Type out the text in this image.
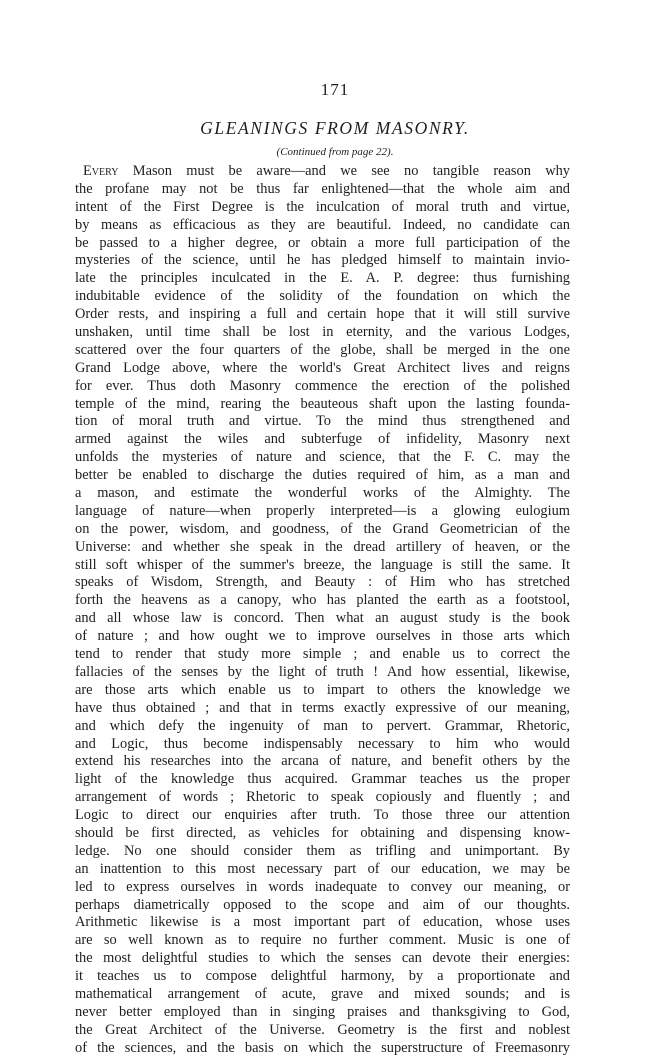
171
GLEANINGS FROM MASONRY.
(Continued from page 22).
Every Mason must be aware—and we see no tangible reason why
the profane may not be thus far enlightened—that the whole aim and
intent of the First Degree is the inculcation of moral truth and virtue,
by means as efficacious as they are beautiful. Indeed, no candidate can
be passed to a higher degree, or obtain a more full participation of the
mysteries of the science, until he has pledged himself to maintain invio-
late the principles inculcated in the E. A. P. degree: thus furnishing
indubitable evidence of the solidity of the foundation on which the
Order rests, and inspiring a full and certain hope that it will still survive
unshaken, until time shall be lost in eternity, and the various Lodges,
scattered over the four quarters of the globe, shall be merged in the one
Grand Lodge above, where the world's Great Architect lives and reigns
for ever. Thus doth Masonry commence the erection of the polished
temple of the mind, rearing the beauteous shaft upon the lasting founda-
tion of moral truth and virtue. To the mind thus strengthened and
armed against the wiles and subterfuge of infidelity, Masonry next
unfolds the mysteries of nature and science, that the F. C. may the
better be enabled to discharge the duties required of him, as a man and
a mason, and estimate the wonderful works of the Almighty. The
language of nature—when properly interpreted—is a glowing eulogium
on the power, wisdom, and goodness, of the Grand Geometrician of the
Universe: and whether she speak in the dread artillery of heaven, or the
still soft whisper of the summer's breeze, the language is still the same. It
speaks of Wisdom, Strength, and Beauty : of Him who has stretched
forth the heavens as a canopy, who has planted the earth as a footstool,
and all whose law is concord. Then what an august study is the book
of nature ; and how ought we to improve ourselves in those arts which
tend to render that study more simple ; and enable us to correct the
fallacies of the senses by the light of truth ! And how essential, likewise,
are those arts which enable us to impart to others the knowledge we
have thus obtained ; and that in terms exactly expressive of our meaning,
and which defy the ingenuity of man to pervert. Grammar, Rhetoric,
and Logic, thus become indispensably necessary to him who would
extend his researches into the arcana of nature, and benefit others by the
light of the knowledge thus acquired. Grammar teaches us the proper
arrangement of words ; Rhetoric to speak copiously and fluently ; and
Logic to direct our enquiries after truth. To those three our attention
should be first directed, as vehicles for obtaining and dispensing know-
ledge. No one should consider them as trifling and unimportant. By
an inattention to this most necessary part of our education, we may be
led to express ourselves in words inadequate to convey our meaning, or
perhaps diametrically opposed to the scope and aim of our thoughts.
Arithmetic likewise is a most important part of education, whose uses
are so well known as to require no further comment. Music is one of
the most delightful studies to which the senses can devote their energies:
it teaches us to compose delightful harmony, by a proportionate and
mathematical arrangement of acute, grave and mixed sounds; and is
never better employed than in singing praises and thanksgiving to God,
the Great Architect of the Universe. Geometry is the first and noblest
of the sciences, and the basis on which the superstructure of Freemasonry
